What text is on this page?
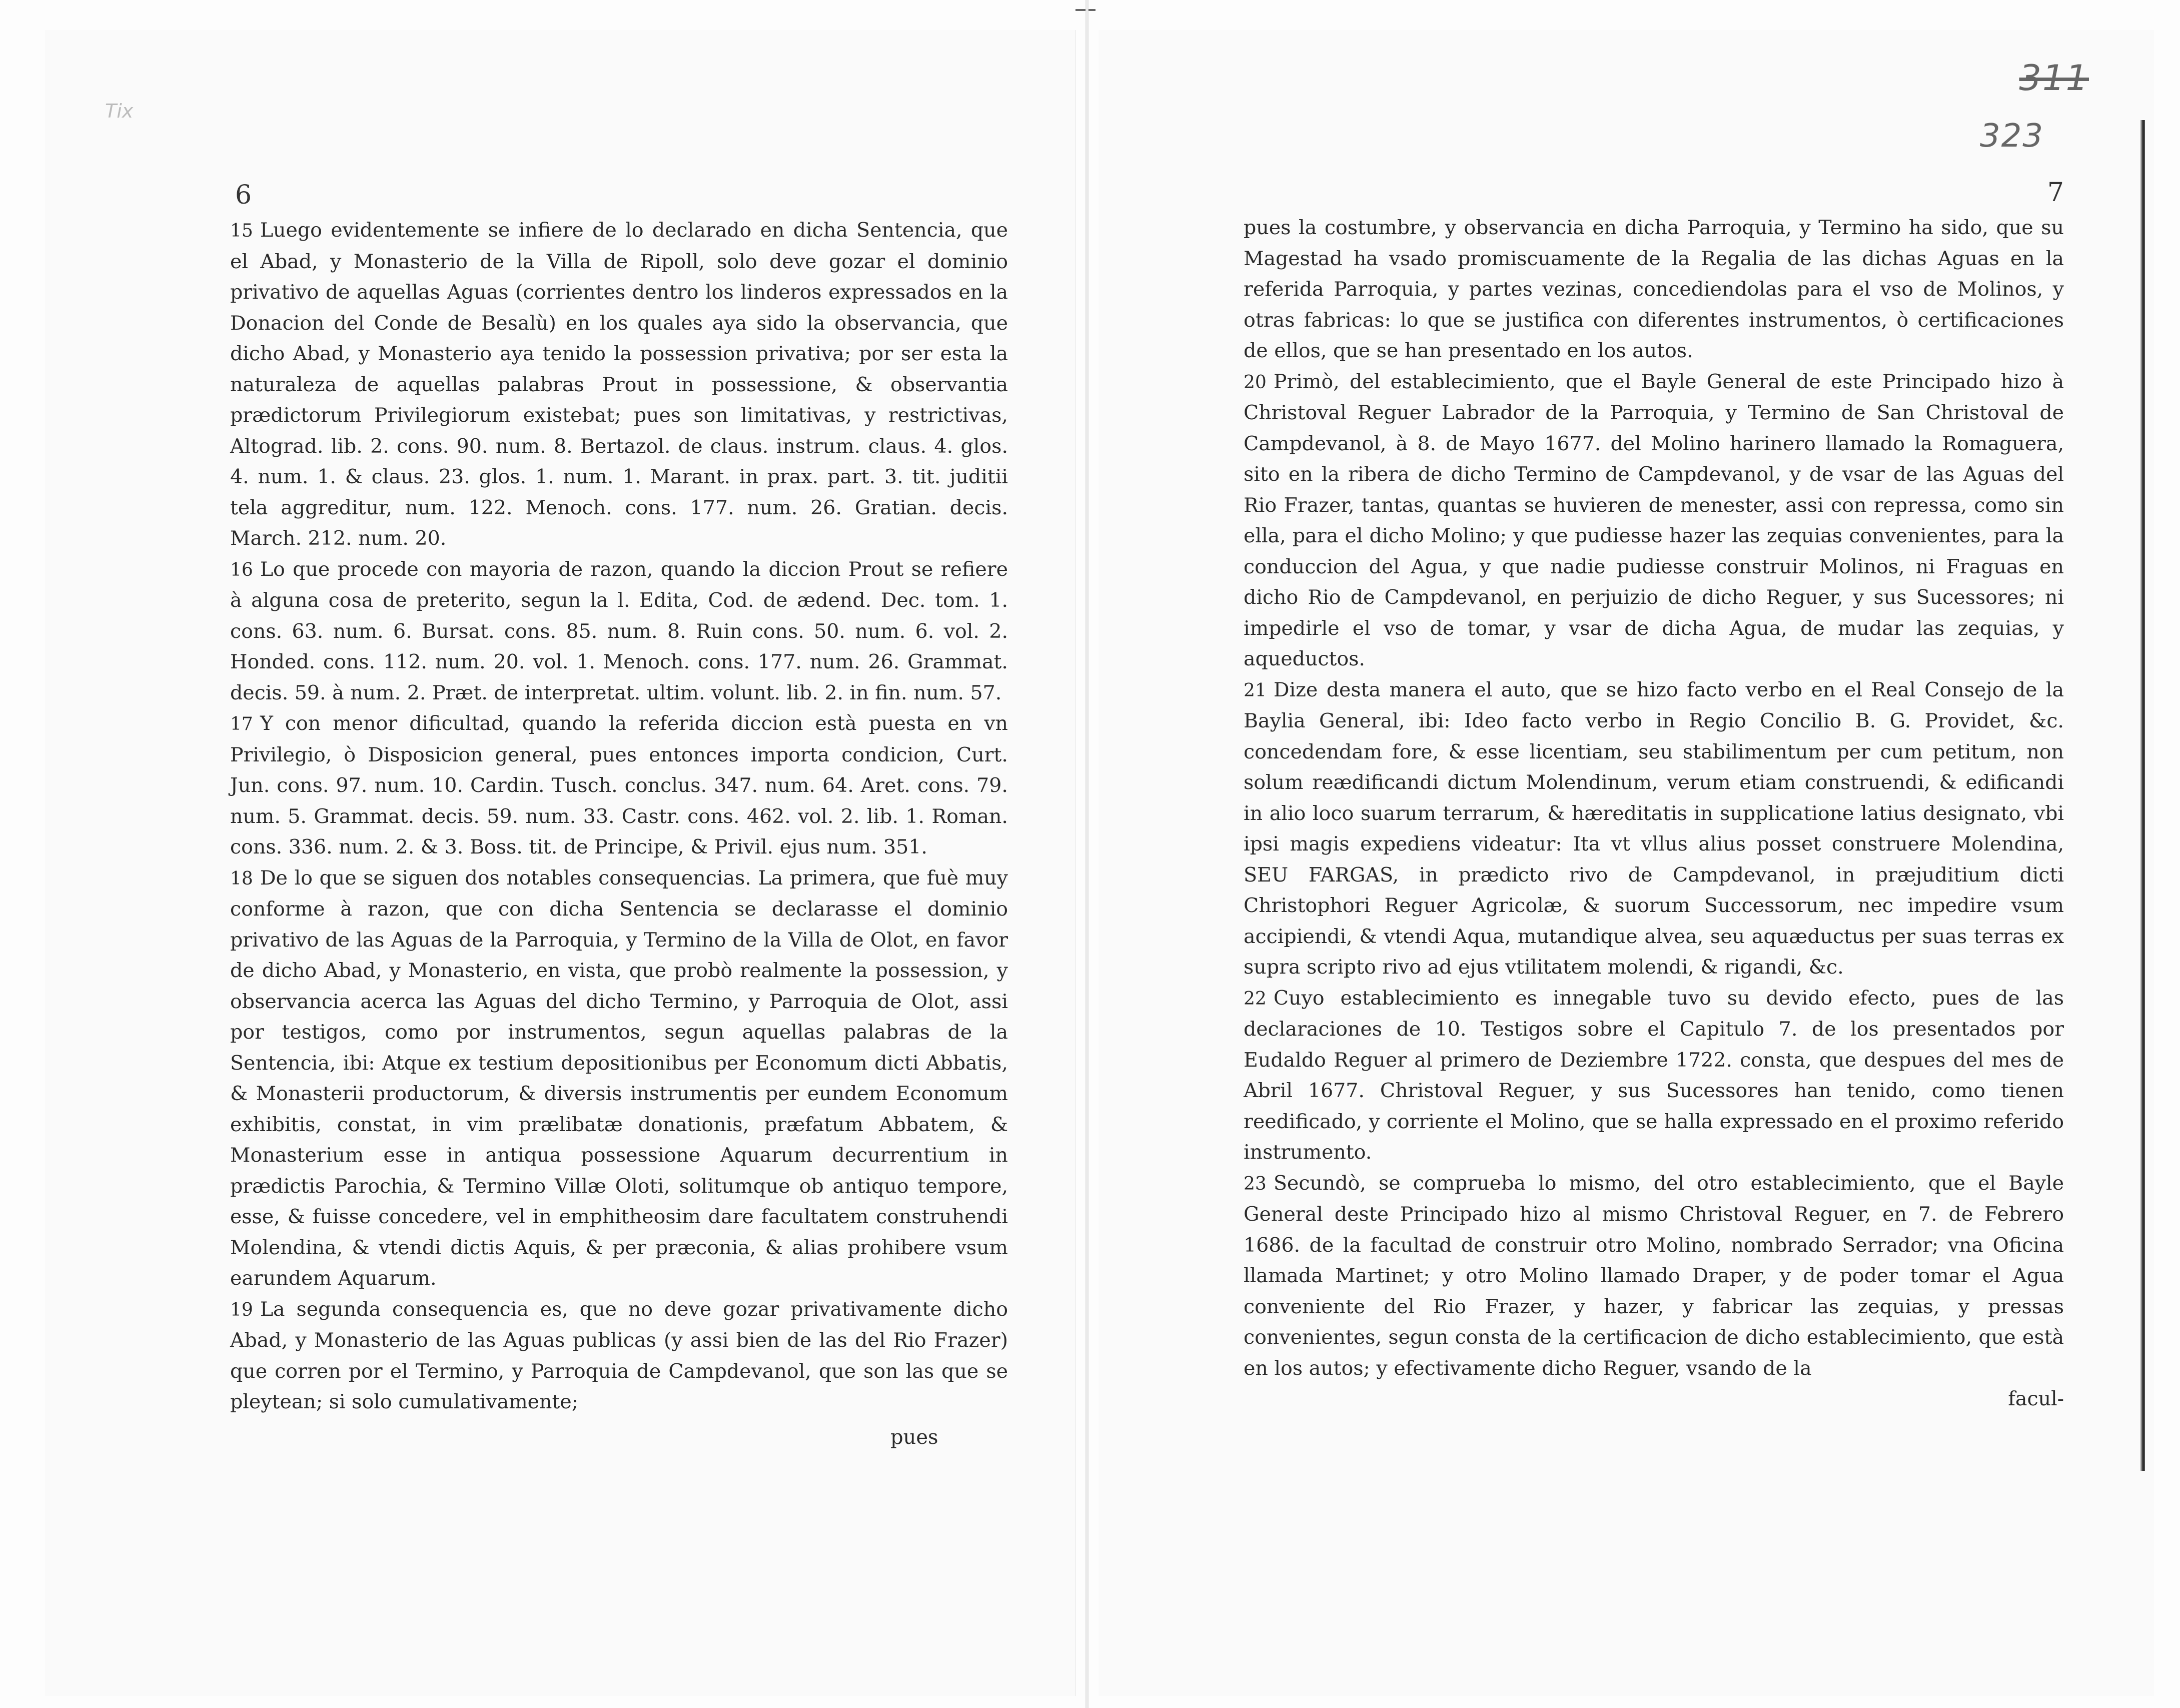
Tix
6

15 Luego evidentemente se infiere de lo declarado en dicha Sentencia, que el Abad, y Monasterio de la Villa de Ripoll, solo deve gozar el dominio privativo de aquellas Aguas (corrientes dentro los linderos expressados en la Donacion del Conde de Besalù) en los quales aya sido la observancia, que dicho Abad, y Monasterio aya tenido la possession privativa; por ser esta la naturaleza de aquellas palabras Prout in possessione, & observantia prædictorum Privilegiorum existebat; pues son limitativas, y restrictivas, Altograd. lib. 2. cons. 90. num. 8. Bertazol. de claus. instrum. claus. 4. glos. 4. num. 1. & claus. 23. glos. 1. num. 1. Marant. in prax. part. 3. tit. juditii tela aggreditur, num. 122. Menoch. cons. 177. num. 26. Gratian. decis. March. 212. num. 20.

16 Lo que procede con mayoria de razon, quando la diccion Prout se refiere à alguna cosa de preterito, segun la l. Edita, Cod. de ædend. Dec. tom. 1. cons. 63. num. 6. Bursat. cons. 85. num. 8. Ruin cons. 50. num. 6. vol. 2. Honded. cons. 112. num. 20. vol. 1. Menoch. cons. 177. num. 26. Grammat. decis. 59. à num. 2. Præt. de interpretat. ultim. volunt. lib. 2. in fin. num. 57.

17 Y con menor dificultad, quando la referida diccion està puesta en vn Privilegio, ò Disposicion general, pues entonces importa condicion, Curt. Jun. cons. 97. num. 10. Cardin. Tusch. conclus. 347. num. 64. Aret. cons. 79. num. 5. Grammat. decis. 59. num. 33. Castr. cons. 462. vol. 2. lib. 1. Roman. cons. 336. num. 2. & 3. Boss. tit. de Principe, & Privil. ejus num. 351.

18 De lo que se siguen dos notables consequencias. La primera, que fuè muy conforme à razon, que con dicha Sentencia se declarasse el dominio privativo de las Aguas de la Parroquia, y Termino de la Villa de Olot, en favor de dicho Abad, y Monasterio, en vista, que probò realmente la possession, y observancia acerca las Aguas del dicho Termino, y Parroquia de Olot, assi por testigos, como por instrumentos, segun aquellas palabras de la Sentencia, ibi: Atque ex testium depositionibus per Economum dicti Abbatis, & Monasterii productorum, & diversis instrumentis per eundem Economum exhibitis, constat, in vim prælibatæ donationis, præfatum Abbatem, & Monasterium esse in antiqua possessione Aquarum decurrentium in prædictis Parochia, & Termino Villæ Oloti, solitumque ob antiquo tempore, esse, & fuisse concedere, vel in emphitheosim dare facultatem construhendi Molendina, & vtendi dictis Aquis, & per præconia, & alias prohibere vsum earundem Aquarum.

19 La segunda consequencia es, que no deve gozar privativamente dicho Abad, y Monasterio de las Aguas publicas (y assi bien de las del Rio Frazer) que corren por el Termino, y Parroquia de Campdevanol, que son las que se pleytean; si solo cumulativamente;

pues
311
323
7

pues la costumbre, y observancia en dicha Parroquia, y Termino ha sido, que su Magestad ha vsado promiscuamente de la Regalia de las dichas Aguas en la referida Parroquia, y partes vezinas, concediendolas para el vso de Molinos, y otras fabricas: lo que se justifica con diferentes instrumentos, ò certificaciones de ellos, que se han presentado en los autos.

20 Primò, del establecimiento, que el Bayle General de este Principado hizo à Christoval Reguer Labrador de la Parroquia, y Termino de San Christoval de Campdevanol, à 8. de Mayo 1677. del Molino harinero llamado la Romaguera, sito en la ribera de dicho Termino de Campdevanol, y de vsar de las Aguas del Rio Frazer, tantas, quantas se huvieren de menester, assi con repressa, como sin ella, para el dicho Molino; y que pudiesse hazer las zequias convenientes, para la conduccion del Agua, y que nadie pudiesse construir Molinos, ni Fraguas en dicho Rio de Campdevanol, en perjuizio de dicho Reguer, y sus Sucessores; ni impedirle el vso de tomar, y vsar de dicha Agua, de mudar las zequias, y aqueductos.

21 Dize desta manera el auto, que se hizo facto verbo en el Real Consejo de la Baylia General, ibi: Ideo facto verbo in Regio Concilio B. G. Providet, &c. concedendam fore, & esse licentiam, seu stabilimentum per cum petitum, non solum reædificandi dictum Molendinum, verum etiam construendi, & edificandi in alio loco suarum terrarum, & hæreditatis in supplicatione latius designato, vbi ipsi magis expediens videatur: Ita vt vllus alius posset construere Molendina, SEU FARGAS, in prædicto rivo de Campdevanol, in præjuditium dicti Christophori Reguer Agricolæ, & suorum Successorum, nec impedire vsum accipiendi, & vtendi Aqua, mutandique alvea, seu aquæductus per suas terras ex supra scripto rivo ad ejus vtilitatem molendi, & rigandi, &c.

22 Cuyo establecimiento es innegable tuvo su devido efecto, pues de las declaraciones de 10. Testigos sobre el Capitulo 7. de los presentados por Eudaldo Reguer al primero de Deziembre 1722. consta, que despues del mes de Abril 1677. Christoval Reguer, y sus Sucessores han tenido, como tienen reedificado, y corriente el Molino, que se halla expressado en el proximo referido instrumento.

23 Secundò, se comprueba lo mismo, del otro establecimiento, que el Bayle General deste Principado hizo al mismo Christoval Reguer, en 7. de Febrero 1686. de la facultad de construir otro Molino, nombrado Serrador; vna Oficina llamada Martinet; y otro Molino llamado Draper, y de poder tomar el Agua conveniente del Rio Frazer, y hazer, y fabricar las zequias, y pressas convenientes, segun consta de la certificacion de dicho establecimiento, que està en los autos; y efectivamente dicho Reguer, vsando de la

facul-
